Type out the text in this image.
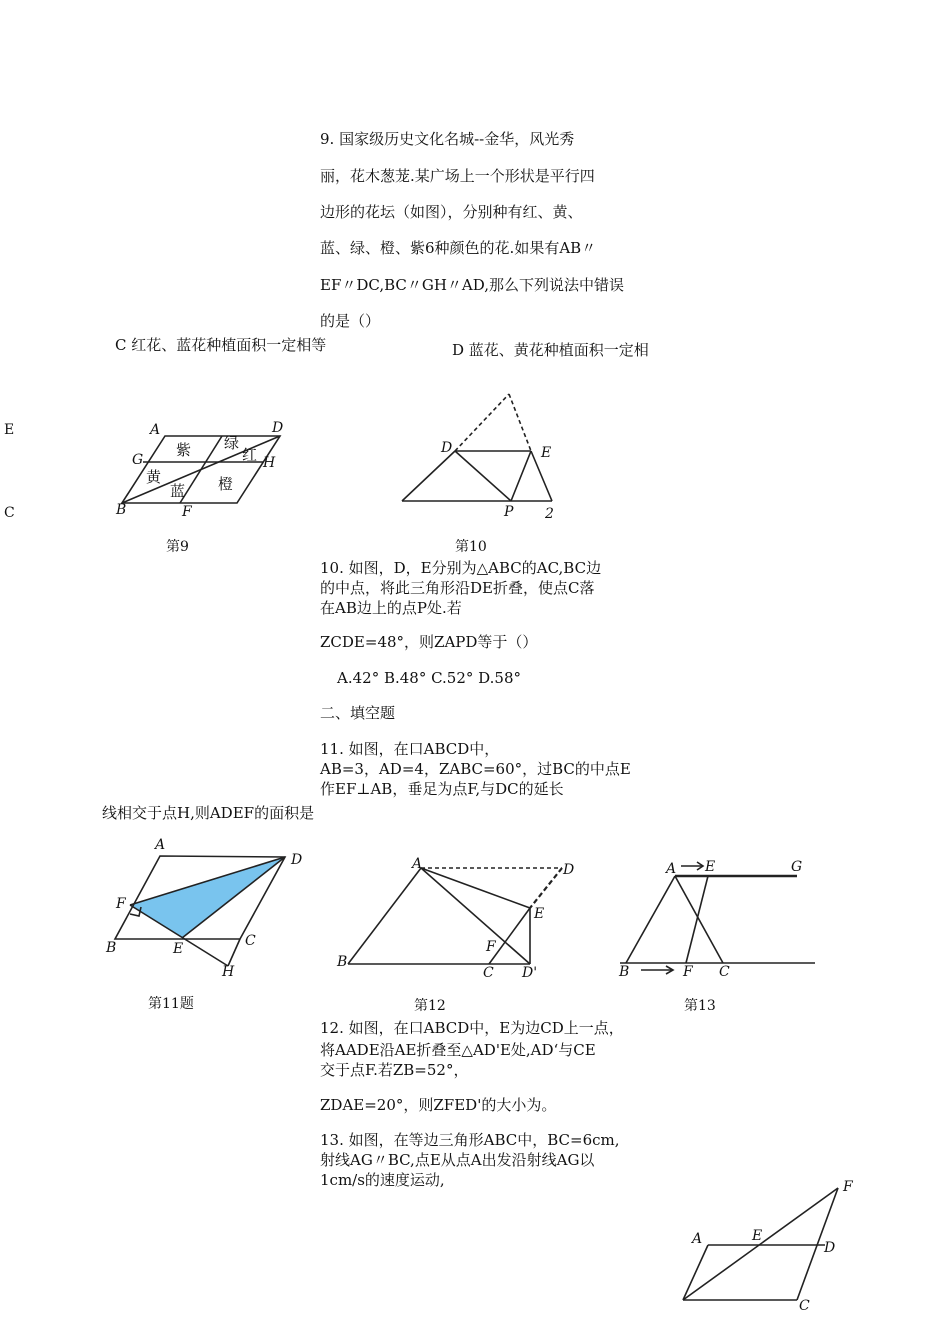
9. 国家级历史文化名城--金华，风光秀
丽，花木葱茏.某广场上一个形状是平行四
边形的花坛（如图），分别种有红、黄、
蓝、绿、橙、紫6种颜色的花.如果有AB〃
EF〃DC,BC〃GH〃AD,那么下列说法中错误
的是（）
C 红花、蓝花种植面积一定相等	D 蓝花、黄花种植面积一定相
E
C
A	D
G	H
B	F
紫 绿
红
黄
蓝 橙
D	E
P 2
A
D
F
B	E	C
H
A	D
E
F
B
C D'
A E	G
B	F C
F
A	E
D
C
第9	第10
10. 如图，D，E分别为△ABC的AC,BC边
的中点，将此三角形沿DE折叠，使点C落
在AB边上的点P处.若
ZCDE=48°，则ZAPD等于（）
A.42° B.48° C.52° D.58°
二、填空题
11. 如图，在口ABCD中，
AB=3，AD=4，ZABC=60°，过BC的中点E
作EF⊥AB，垂足为点F,与DC的延长
线相交于点H,则ADEF的面积是
第11题	第12	第13
12. 如图，在口ABCD中，E为边CD上一点，
将AADE沿AE折叠至△AD'E处,AD‘与CE
交于点F.若ZB=52°，
ZDAE=20°，则ZFED'的大小为。
13. 如图，在等边三角形ABC中，BC=6cm,
射线AG〃BC,点E从点A出发沿射线AG以
1cm/s的速度运动,
